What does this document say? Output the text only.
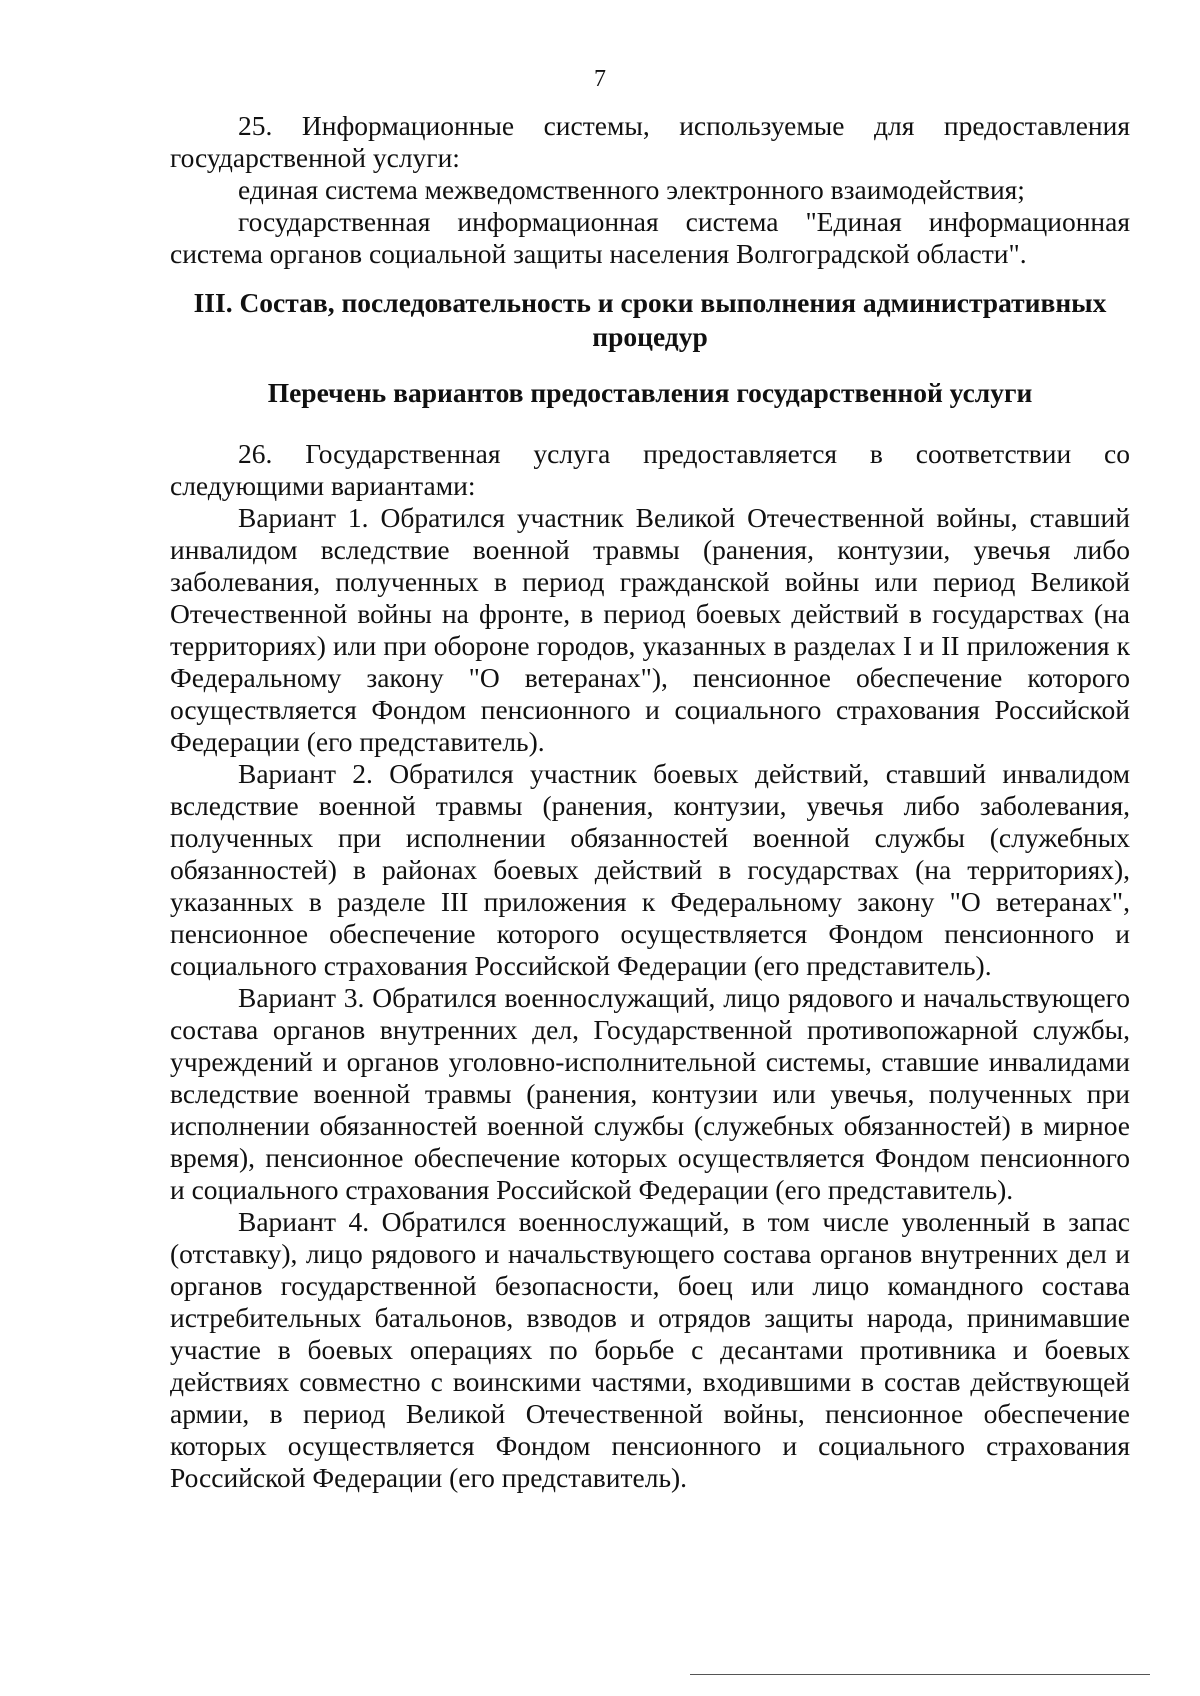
7

25. Информационные системы, используемые для предоставления государственной услуги:

единая система межведомственного электронного взаимодействия;

государственная информационная система "Единая информационная система органов социальной защиты населения Волгоградской области".

III. Состав, последовательность и сроки выполнения административных процедур
Перечень вариантов предоставления государственной услуги

26. Государственная услуга предоставляется в соответствии со следующими вариантами:

Вариант 1. Обратился участник Великой Отечественной войны, ставший инвалидом вследствие военной травмы (ранения, контузии, увечья либо заболевания, полученных в период гражданской войны или период Великой Отечественной войны на фронте, в период боевых действий в государствах (на территориях) или при обороне городов, указанных в разделах I и II приложения к Федеральному закону "О ветеранах"), пенсионное обеспечение которого осуществляется Фондом пенсионного и социального страхования Российской Федерации (его представитель).

Вариант 2. Обратился участник боевых действий, ставший инвалидом вследствие военной травмы (ранения, контузии, увечья либо заболевания, полученных при исполнении обязанностей военной службы (служебных обязанностей) в районах боевых действий в государствах (на территориях), указанных в разделе III приложения к Федеральному закону "О ветеранах", пенсионное обеспечение которого осуществляется Фондом пенсионного и социального страхования Российской Федерации (его представитель).

Вариант 3. Обратился военнослужащий, лицо рядового и начальствующего состава органов внутренних дел, Государственной противопожарной службы, учреждений и органов уголовно-исполнительной системы, ставшие инвалидами вследствие военной травмы (ранения, контузии или увечья, полученных при исполнении обязанностей военной службы (служебных обязанностей) в мирное время), пенсионное обеспечение которых осуществляется Фондом пенсионного и социального страхования Российской Федерации (его представитель).

Вариант 4. Обратился военнослужащий, в том числе уволенный в запас (отставку), лицо рядового и начальствующего состава органов внутренних дел и органов государственной безопасности, боец или лицо командного состава истребительных батальонов, взводов и отрядов защиты народа, принимавшие участие в боевых операциях по борьбе с десантами противника и боевых действиях совместно с воинскими частями, входившими в состав действующей армии, в период Великой Отечественной войны, пенсионное обеспечение которых осуществляется Фондом пенсионного и социального страхования Российской Федерации (его представитель).
